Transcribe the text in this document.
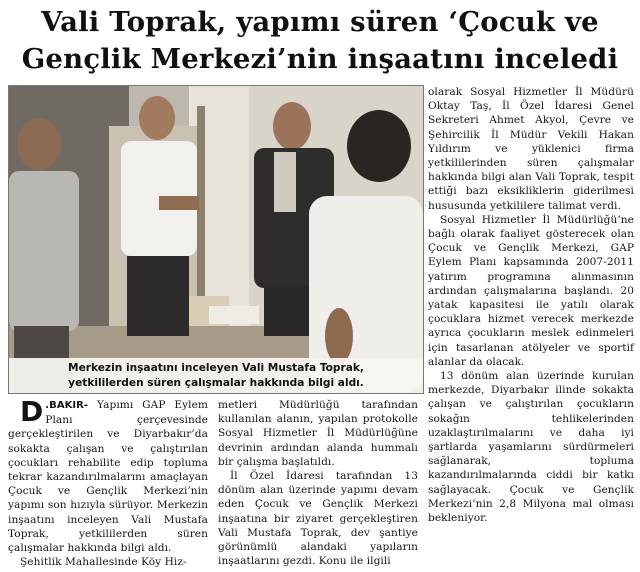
Vali Toprak, yapımı süren ‘Çocuk ve
Gençlik Merkezi’nin inşaatını inceledi
Merkezin inşaatını inceleyen Vali Mustafa Toprak,
yetkililerden süren çalışmalar hakkında bilgi aldı.

D .BAKIR- Yapımı GAP Eylem Planı çerçevesinde gerçekleştirilen ve Diyarbakır’da sokakta çalışan ve çalıştırılan çocukları rehabilite edip topluma tekrar kazandırılmalarını amaçlayan Çocuk ve Gençlik Merkezi’nin yapımı son hızıyla sürüyor. Merkezin inşaatını inceleyen Vali Mustafa Toprak, yetkililerden süren çalışmalar hakkında bilgi aldı.

Şehitlik Mahallesinde Köy Hiz-

metleri Müdürlüğü tarafından kullanılan alanın, yapılan protokolle Sosyal Hizmetler İl Müdürlüğüne devrinin ardından alanda hummalı bir çalışma başlatıldı.

İl Özel İdaresi tarafından 13 dönüm alan üzerinde yapımı devam eden Çocuk ve Gençlik Merkezi inşaatına bir ziyaret gerçekleştiren Vali Mustafa Toprak, dev şantiye görünümlü alandaki yapıların inşaatlarını gezdi. Konu ile ilgili

olarak Sosyal Hizmetler İl Müdürü Oktay Taş, İl Özel İdaresi Genel Sekreteri Ahmet Akyol, Çevre ve Şehircilik İl Müdür Vekili Hakan Yıldırım ve yüklenici firma yetkililerinden süren çalışmalar hakkında bilgi alan Vali Toprak, tespit ettiği bazı eksikliklerin giderilmesi hususunda yetkililere talimat verdi.

Sosyal Hizmetler İl Müdürlüğü’ne bağlı olarak faaliyet gösterecek olan Çocuk ve Gençlik Merkezi, GAP Eylem Planı kapsamında 2007-2011 yatırım programına alınmasının ardından çalışmalarına başlandı. 20 yatak kapasitesi ile yatılı olarak çocuklara hizmet verecek merkezde ayrıca çocukların meslek edinmeleri için tasarlanan atölyeler ve sportif alanlar da olacak.

13 dönüm alan üzerinde kurulan merkezde, Diyarbakır ilinde sokakta çalışan ve çalıştırılan çocukların sokağın tehlikelerinden uzaklaştırılmalarını ve daha iyi şartlarda yaşamlarını sürdürmeleri sağlanarak, topluma kazandırılmalarında ciddi bir katkı sağlayacak. Çocuk ve Gençlik Merkezi’nin 2,8 Milyona mal olması bekleniyor.
